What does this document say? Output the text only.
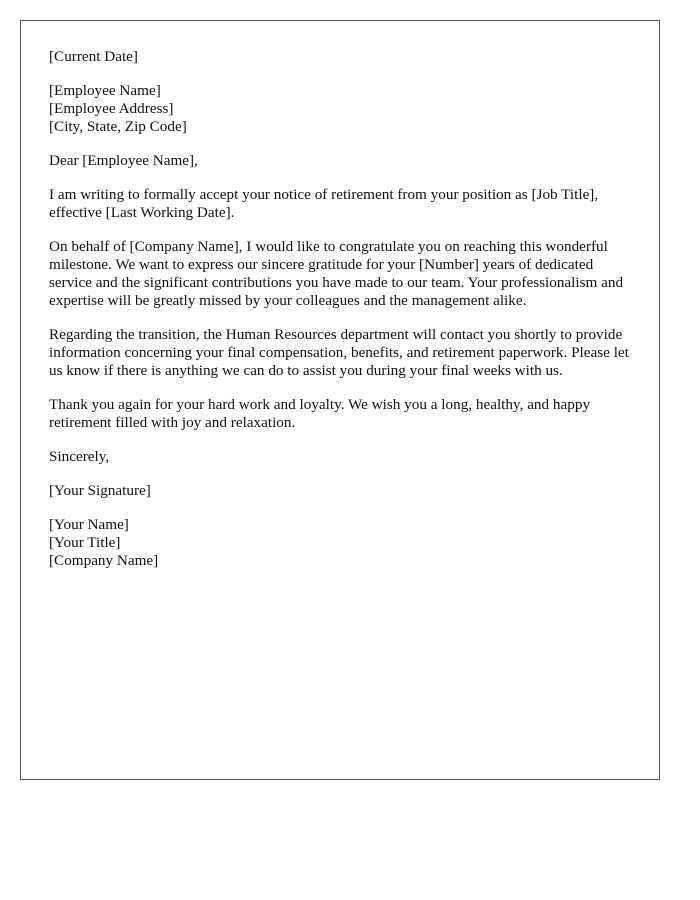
[Current Date]

[Employee Name]
[Employee Address]
[City, State, Zip Code]

Dear [Employee Name],

I am writing to formally accept your notice of retirement from your position as [Job Title], effective [Last Working Date].

On behalf of [Company Name], I would like to congratulate you on reaching this wonderful milestone. We want to express our sincere gratitude for your [Number] years of dedicated service and the significant contributions you have made to our team. Your professionalism and expertise will be greatly missed by your colleagues and the management alike.

Regarding the transition, the Human Resources department will contact you shortly to provide information concerning your final compensation, benefits, and retirement paperwork. Please let us know if there is anything we can do to assist you during your final weeks with us.

Thank you again for your hard work and loyalty. We wish you a long, healthy, and happy retirement filled with joy and relaxation.

Sincerely,

[Your Signature]

[Your Name]
[Your Title]
[Company Name]
